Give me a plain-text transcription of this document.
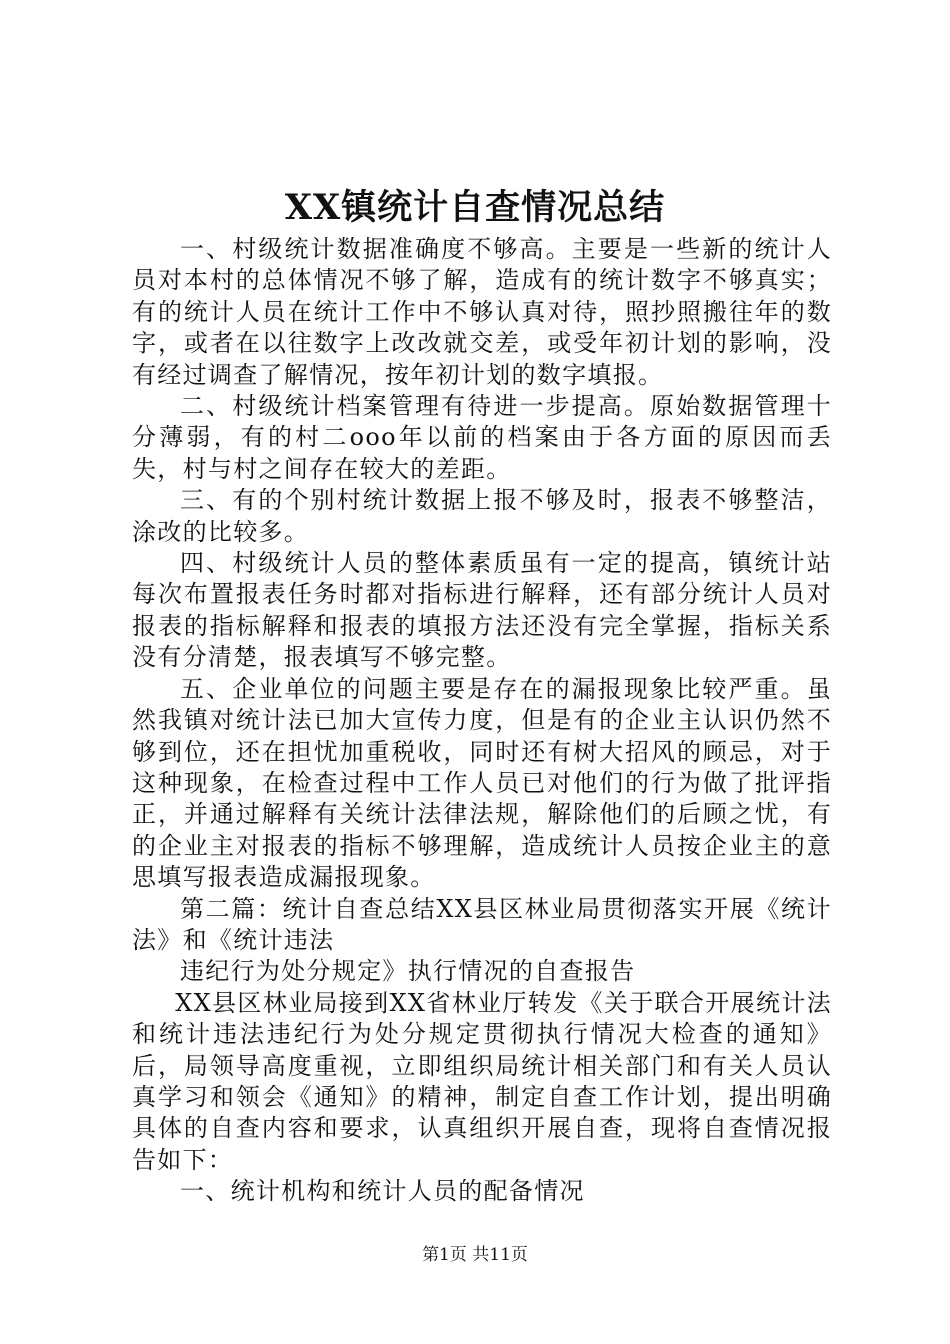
XX镇统计自查情况总结

一、村级统计数据准确度不够高。主要是一些新的统计人员对本村的总体情况不够了解，造成有的统计数字不够真实；有的统计人员在统计工作中不够认真对待，照抄照搬往年的数字，或者在以往数字上改改就交差，或受年初计划的影响，没有经过调查了解情况，按年初计划的数字填报。

二、村级统计档案管理有待进一步提高。原始数据管理十分薄弱，有的村二ooo年以前的档案由于各方面的原因而丢失，村与村之间存在较大的差距。

三、有的个别村统计数据上报不够及时，报表不够整洁，涂改的比较多。

四、村级统计人员的整体素质虽有一定的提高，镇统计站每次布置报表任务时都对指标进行解释，还有部分统计人员对报表的指标解释和报表的填报方法还没有完全掌握，指标关系没有分清楚，报表填写不够完整。

五、企业单位的问题主要是存在的漏报现象比较严重。虽然我镇对统计法已加大宣传力度，但是有的企业主认识仍然不够到位，还在担忧加重税收，同时还有树大招风的顾忌，对于这种现象，在检查过程中工作人员已对他们的行为做了批评指正，并通过解释有关统计法律法规，解除他们的后顾之忧，有的企业主对报表的指标不够理解，造成统计人员按企业主的意思填写报表造成漏报现象。

第二篇：统计自查总结XX县区林业局贯彻落实开展《统计法》和《统计违法

违纪行为处分规定》执行情况的自查报告

XX县区林业局接到XX省林业厅转发《关于联合开展统计法和统计违法违纪行为处分规定贯彻执行情况大检查的通知》后，局领导高度重视，立即组织局统计相关部门和有关人员认真学习和领会《通知》的精神，制定自查工作计划，提出明确具体的自查内容和要求，认真组织开展自查，现将自查情况报告如下：

一、统计机构和统计人员的配备情况

第1页 共11页
